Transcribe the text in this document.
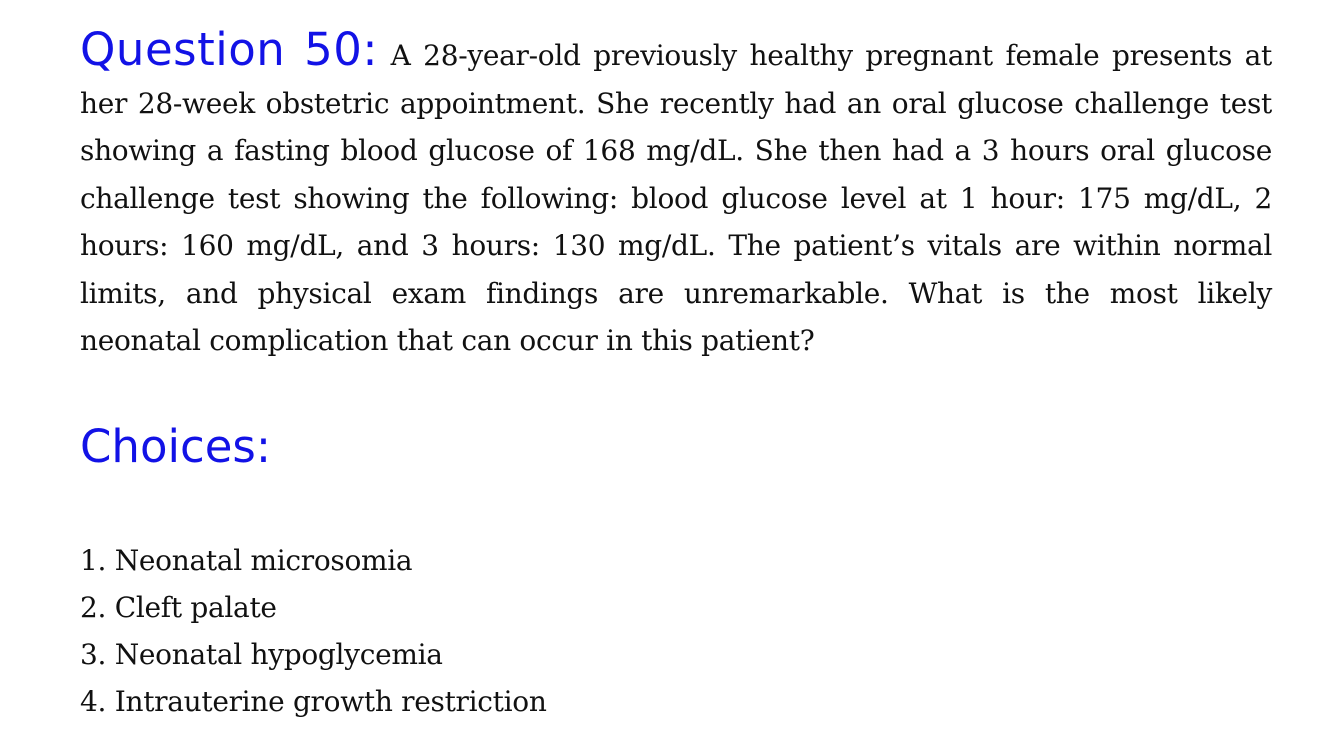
Question 50: A 28-year-old previously healthy pregnant female presents at her 28-week obstetric appointment. She recently had an oral glucose challenge test showing a fasting blood glucose of 168 mg/dL. She then had a 3 hours oral glucose challenge test showing the following: blood glucose level at 1 hour: 175 mg/dL, 2 hours: 160 mg/dL, and 3 hours: 130 mg/dL. The patient’s vitals are within normal limits, and physical exam findings are unremarkable. What is the most likely neonatal complication that can occur in this patient?

Choices:
1. Neonatal microsomia
2. Cleft palate
3. Neonatal hypoglycemia
4. Intrauterine growth restriction
